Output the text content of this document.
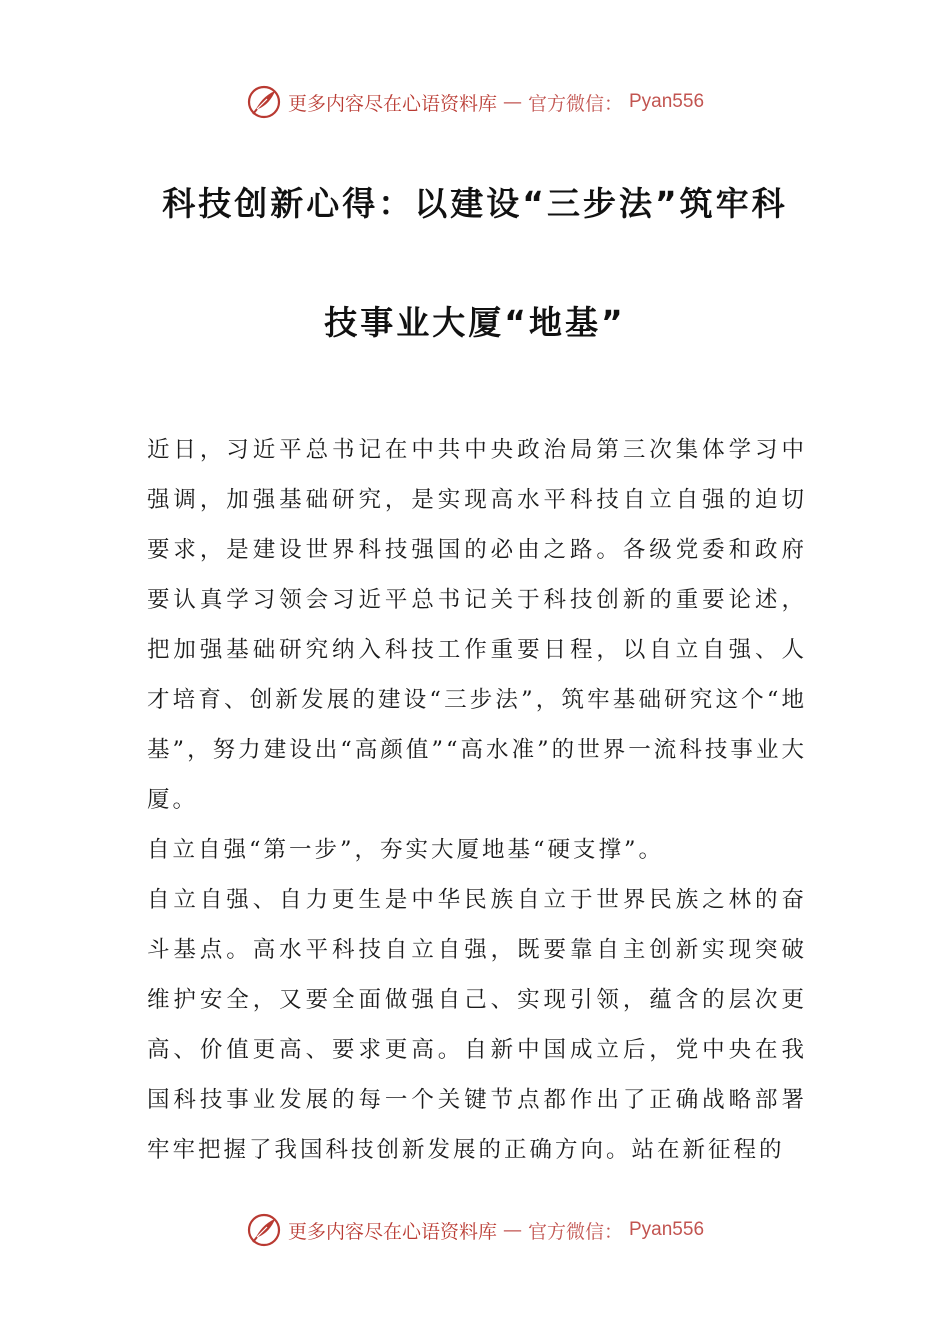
更多内容尽在心语资料库 — 官方微信： Pyan556
科技创新心得：以建设“三步法”筑牢科
技事业大厦“地基”

近日，习近平总书记在中共中央政治局第三次集体学习中强调，加强基础研究，是实现高水平科技自立自强的迫切要求，是建设世界科技强国的必由之路。各级党委和政府要认真学习领会习近平总书记关于科技创新的重要论述，把加强基础研究纳入科技工作重要日程，以自立自强、人才培育、创新发展的建设“三步法”，筑牢基础研究这个“地基”，努力建设出“高颜值”“高水准”的世界一流科技事业大厦。

自立自强“第一步”，夯实大厦地基“硬支撑”。

自立自强、自力更生是中华民族自立于世界民族之林的奋斗基点。高水平科技自立自强，既要靠自主创新实现突破维护安全，又要全面做强自己、实现引领，蕴含的层次更高、价值更高、要求更高。自新中国成立后，党中央在我国科技事业发展的每一个关键节点都作出了正确战略部署牢牢把握了我国科技创新发展的正确方向。站在新征程的

更多内容尽在心语资料库 — 官方微信： Pyan556
